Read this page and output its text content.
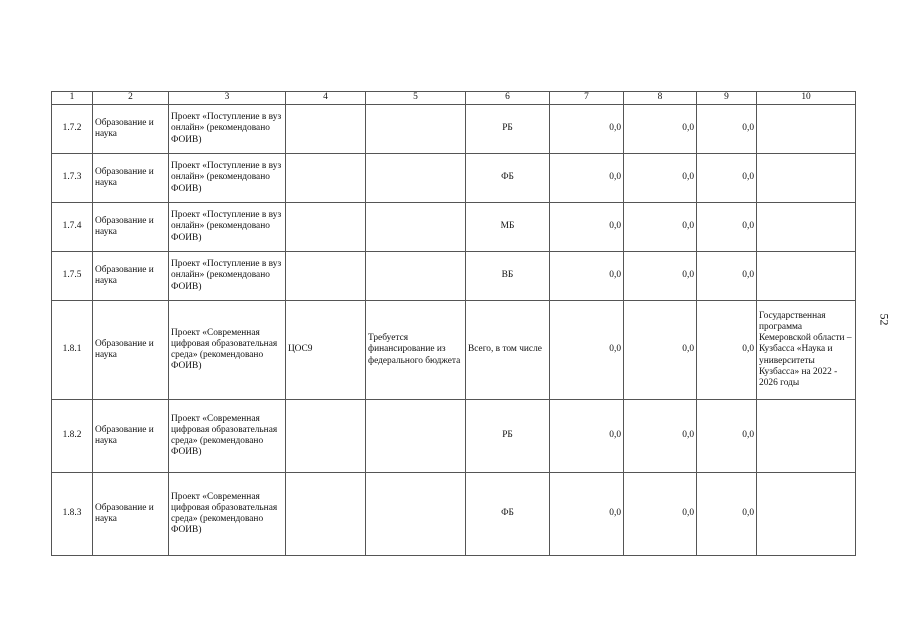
1	2	3	4	5	6	7	8	9	10
1.7.2	Образование и наука	Проект «Поступление в вуз онлайн» (рекомендовано ФОИВ)			РБ	0,0	0,0	0,0	
1.7.3	Образование и наука	Проект «Поступление в вуз онлайн» (рекомендовано ФОИВ)			ФБ	0,0	0,0	0,0	
1.7.4	Образование и наука	Проект «Поступление в вуз онлайн» (рекомендовано ФОИВ)			МБ	0,0	0,0	0,0	
1.7.5	Образование и наука	Проект «Поступление в вуз онлайн» (рекомендовано ФОИВ)			ВБ	0,0	0,0	0,0	
1.8.1	Образование и наука	Проект «Современная цифровая образовательная среда» (рекомендовано ФОИВ)	ЦОС9	Требуется финансирование из федерального бюджета	Всего, в том числе	0,0	0,0	0,0	Государственная программа Кемеровской области – Кузбасса «Наука и университеты Кузбасса» на 2022 - 2026 годы
1.8.2	Образование и наука	Проект «Современная цифровая образовательная среда» (рекомендовано ФОИВ)			РБ	0,0	0,0	0,0	
1.8.3	Образование и наука	Проект «Современная цифровая образовательная среда» (рекомендовано ФОИВ)			ФБ	0,0	0,0	0,0	
52
